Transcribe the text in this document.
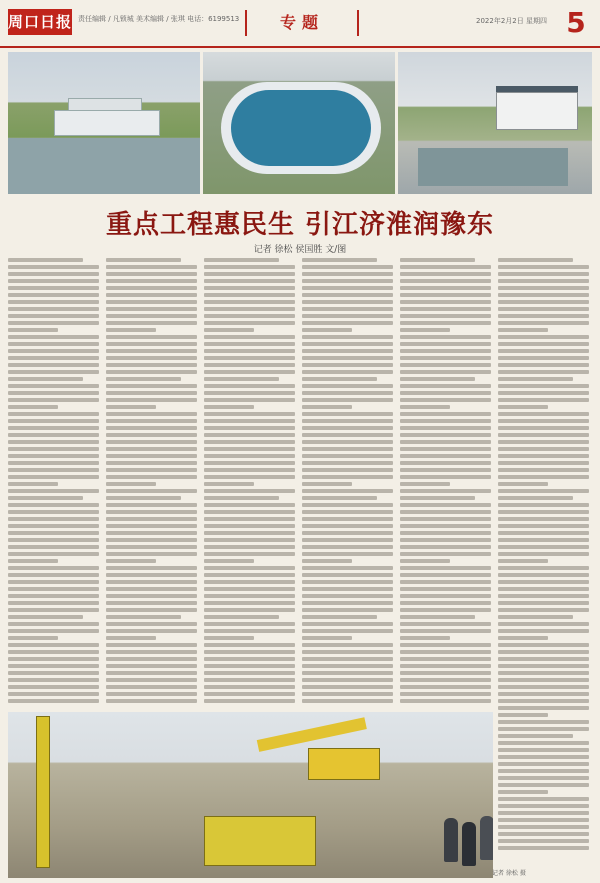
周口日报 责任编辑 / 凡锁城 美术编辑 / 张琪 电话：6199513	专题	2022年2月2日 星期四 5
重点工程惠民生 引江济淮润豫东
记者 徐松 侯国胜 文/图
记者 徐松 摄
